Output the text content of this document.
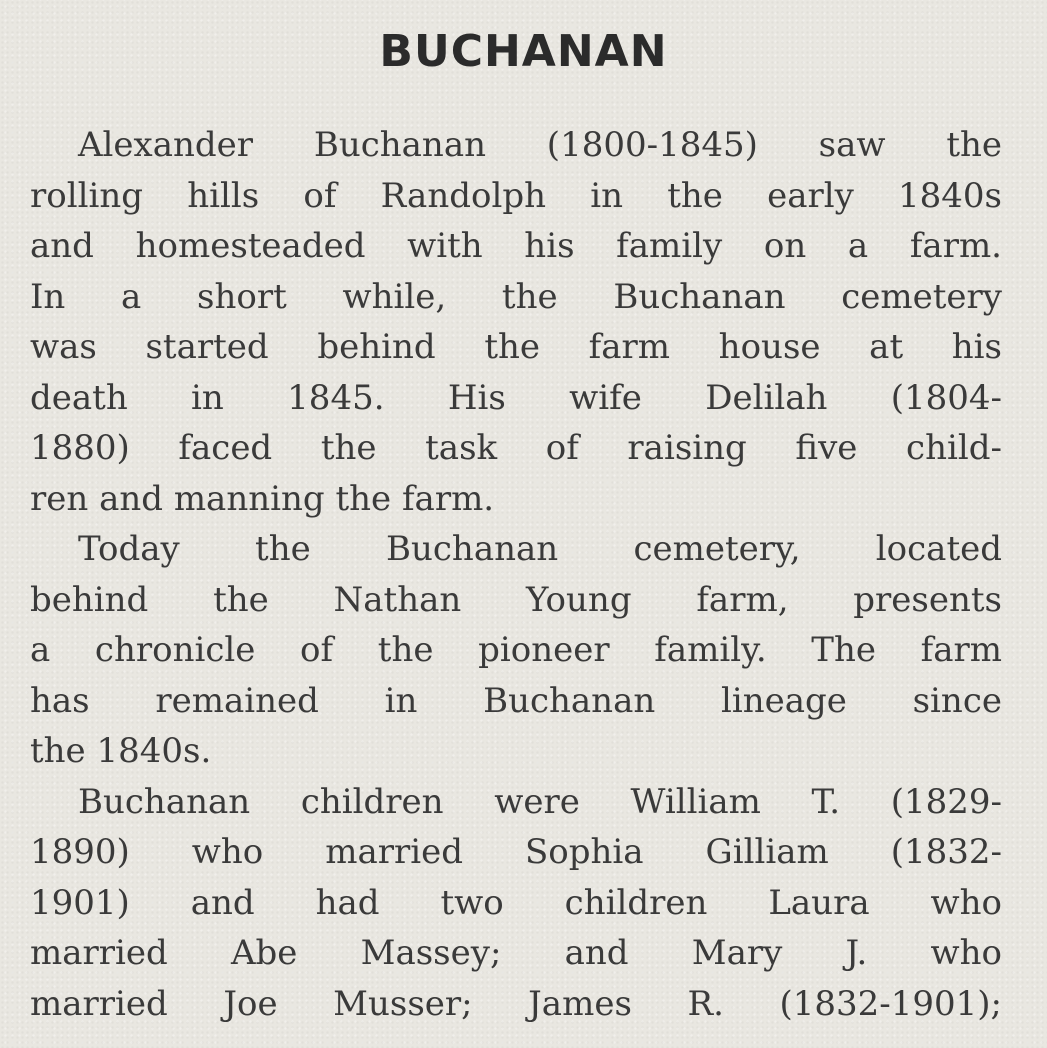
BUCHANAN
Alexander Buchanan (1800-1845) saw the
rolling hills of Randolph in the early 1840s
and homesteaded with his family on a farm.
In a short while, the Buchanan cemetery
was started behind the farm house at his
death in 1845. His wife Delilah (1804-
1880) faced the task of raising five child-
ren and manning the farm.
Today the Buchanan cemetery, located
behind the Nathan Young farm, presents
a chronicle of the pioneer family. The farm
has remained in Buchanan lineage since
the 1840s.
Buchanan children were William T. (1829-
1890) who married Sophia Gilliam (1832-
1901) and had two children Laura who
married Abe Massey; and Mary J. who
married Joe Musser; James R. (1832-1901);
